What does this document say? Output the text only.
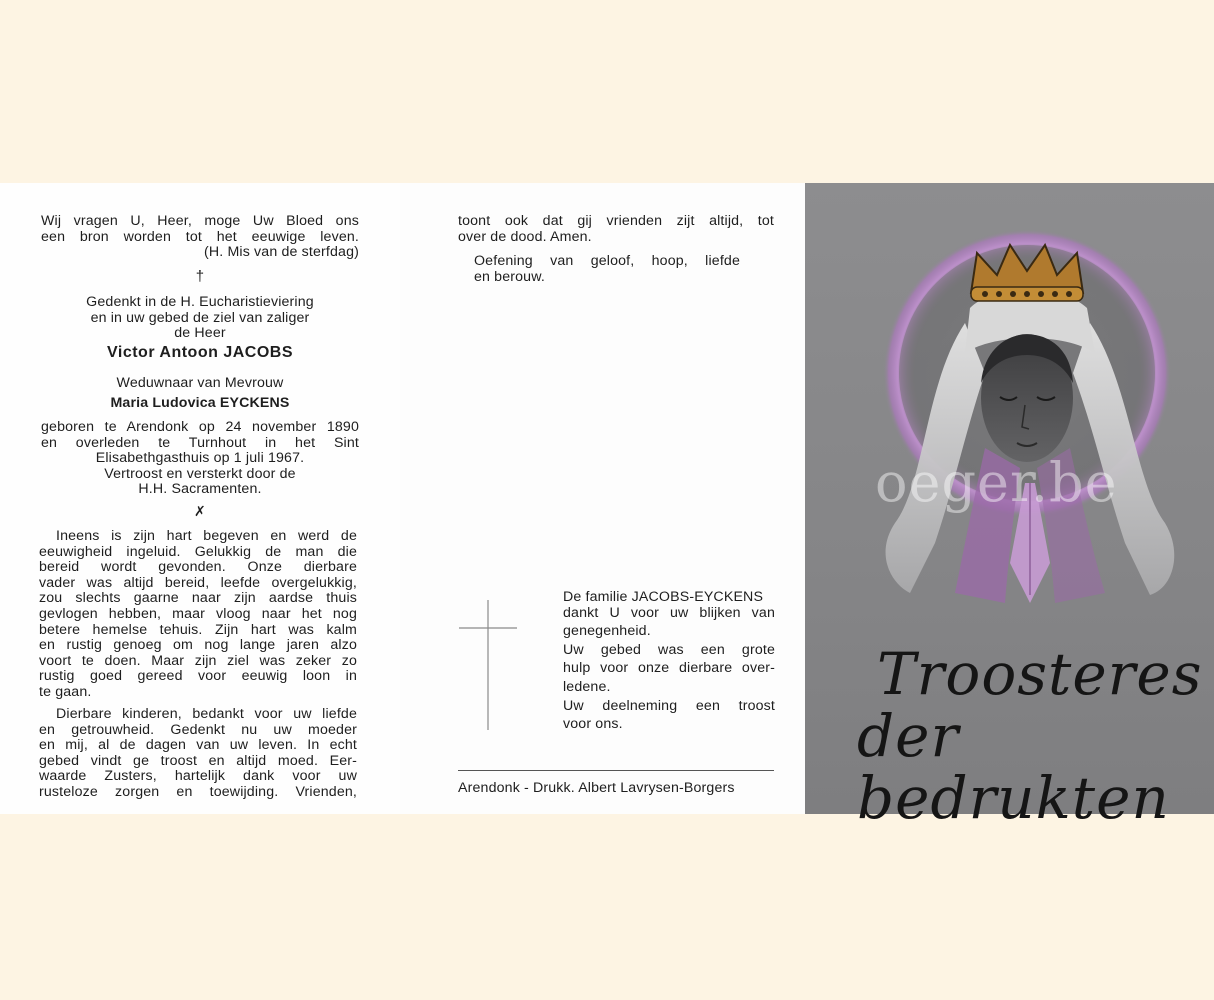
Wij vragen U, Heer, moge Uw Bloed ons
een bron worden tot het eeuwige leven.
(H. Mis van de sterfdag)
†
Gedenkt in de H. Eucharistieviering
en in uw gebed de ziel van zaliger
de Heer
Victor Antoon JACOBS
Weduwnaar van Mevrouw
Maria Ludovica EYCKENS
geboren te Arendonk op 24 november 1890
en overleden te Turnhout in het Sint
Elisabethgasthuis op 1 juli 1967.
Vertroost en versterkt door de
H.H. Sacramenten.
✗
Ineens is zijn hart begeven en werd de
eeuwigheid ingeluid. Gelukkig de man die
bereid wordt gevonden. Onze dierbare
vader was altijd bereid, leefde overgelukkig,
zou slechts gaarne naar zijn aardse thuis
gevlogen hebben, maar vloog naar het nog
betere hemelse tehuis. Zijn hart was kalm
en rustig genoeg om nog lange jaren alzo
voort te doen. Maar zijn ziel was zeker zo
rustig goed gereed voor eeuwig loon in
te gaan.
Dierbare kinderen, bedankt voor uw liefde
en getrouwheid. Gedenkt nu uw moeder
en mij, al de dagen van uw leven. In echt
gebed vindt ge troost en altijd moed. Eer-
waarde Zusters, hartelijk dank voor uw
rusteloze zorgen en toewijding. Vrienden,
toont ook dat gij vrienden zijt altijd, tot
over de dood. Amen.
Oefening van geloof, hoop, liefde
en berouw.
De familie JACOBS-EYCKENS
dankt U voor uw blijken van
genegenheid.
Uw gebed was een grote
hulp voor onze dierbare over-
ledene.
Uw deelneming een troost
voor ons.
Arendonk - Drukk. Albert Lavrysen-Borgers
oeger.be
Troosteres
der bedrukten
